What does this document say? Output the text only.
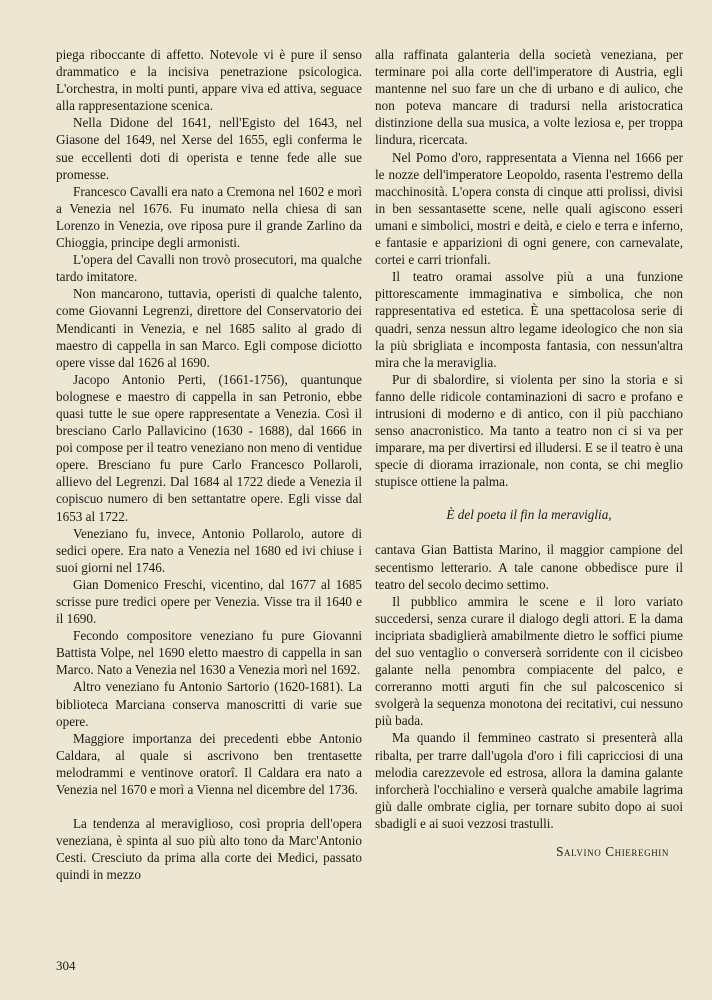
piega riboccante di affetto. Notevole vi è pure il senso drammatico e la incisiva penetrazione psicologica. L'orchestra, in molti punti, appare viva ed attiva, seguace alla rappresentazione scenica.

Nella Didone del 1641, nell'Egisto del 1643, nel Giasone del 1649, nel Xerse del 1655, egli conferma le sue eccellenti doti di operista e tenne fede alle sue promesse.

Francesco Cavalli era nato a Cremona nel 1602 e morì a Venezia nel 1676. Fu inumato nella chiesa di san Lorenzo in Venezia, ove riposa pure il grande Zarlino da Chioggia, principe degli armonisti.

L'opera del Cavalli non trovò prosecutori, ma qualche tardo imitatore.

Non mancarono, tuttavia, operisti di qualche talento, come Giovanni Legrenzi, direttore del Conservatorio dei Mendicanti in Venezia, e nel 1685 salito al grado di maestro di cappella in san Marco. Egli compose diciotto opere visse dal 1626 al 1690.

Jacopo Antonio Perti, (1661-1756), quantunque bolognese e maestro di cappella in san Petronio, ebbe quasi tutte le sue opere rappresentate a Venezia. Così il bresciano Carlo Pallavicino (1630 - 1688), dal 1666 in poi compose per il teatro veneziano non meno di ventidue opere. Bresciano fu pure Carlo Francesco Pollaroli, allievo del Legrenzi. Dal 1684 al 1722 diede a Venezia il copiscuo numero di ben settantatre opere. Egli visse dal 1653 al 1722.

Veneziano fu, invece, Antonio Pollarolo, autore di sedici opere. Era nato a Venezia nel 1680 ed ivi chiuse i suoi giorni nel 1746.

Gian Domenico Freschi, vicentino, dal 1677 al 1685 scrisse pure tredici opere per Venezia. Visse tra il 1640 e il 1690.

Fecondo compositore veneziano fu pure Giovanni Battista Volpe, nel 1690 eletto maestro di cappella in san Marco. Nato a Venezia nel 1630 a Venezia morì nel 1692.

Altro veneziano fu Antonio Sartorio (1620-1681). La biblioteca Marciana conserva manoscritti di varie sue opere.

Maggiore importanza dei precedenti ebbe Antonio Caldara, al quale si ascrivono ben trentasette melodrammi e ventinove oratorî. Il Caldara era nato a Venezia nel 1670 e morì a Vienna nel dicembre del 1736.

La tendenza al meraviglioso, così propria dell'opera veneziana, è spinta al suo più alto tono da Marc'Antonio Cesti. Cresciuto da prima alla corte dei Medici, passato quindi in mezzo

alla raffinata galanteria della società veneziana, per terminare poi alla corte dell'imperatore di Austria, egli mantenne nel suo fare un che di urbano e di aulico, che non poteva mancare di tradursi nella aristocratica distinzione della sua musica, a volte leziosa e, per troppa lindura, ricercata.

Nel Pomo d'oro, rappresentata a Vienna nel 1666 per le nozze dell'imperatore Leopoldo, rasenta l'estremo della macchinosità. L'opera consta di cinque atti prolissi, divisi in ben sessantasette scene, nelle quali agiscono esseri umani e simbolici, mostri e deità, e cielo e terra e inferno, e fantasie e apparizioni di ogni genere, con carnevalate, cortei e carri trionfali.

Il teatro oramai assolve più a una funzione pittorescamente immaginativa e simbolica, che non rappresentativa ed estetica. È una spettacolosa serie di quadri, senza nessun altro legame ideologico che non sia la più sbrigliata e incomposta fantasia, con nessun'altra mira che la meraviglia.

Pur di sbalordire, si violenta per sino la storia e si fanno delle ridicole contaminazioni di sacro e profano e intrusioni di moderno e di antico, con il più pacchiano senso anacronistico. Ma tanto a teatro non ci si va per imparare, ma per divertirsi ed illudersi. E se il teatro è una specie di diorama irrazionale, non conta, se chi meglio stupisce ottiene la palma.

È del poeta il fin la meraviglia,

cantava Gian Battista Marino, il maggior campione del secentismo letterario. A tale canone obbedisce pure il teatro del secolo decimo settimo.

Il pubblico ammira le scene e il loro variato succedersi, senza curare il dialogo degli attori. E la dama incipriata sbadiglierà amabilmente dietro le soffici piume del suo ventaglio o converserà sorridente con il cicisbeo galante nella penombra compiacente del palco, e correranno motti arguti fin che sul palcoscenico si svolgerà la sequenza monotona dei recitativi, cui nessuno più bada.

Ma quando il femmineo castrato si presenterà alla ribalta, per trarre dall'ugola d'oro i fili capricciosi di una melodia carezzevole ed estrosa, allora la damina galante inforcherà l'occhialino e verserà qualche amabile lagrima giù dalle ombrate ciglia, per tornare subito dopo ai suoi sbadigli e ai suoi vezzosi trastulli.

Salvino Chiereghin
304
